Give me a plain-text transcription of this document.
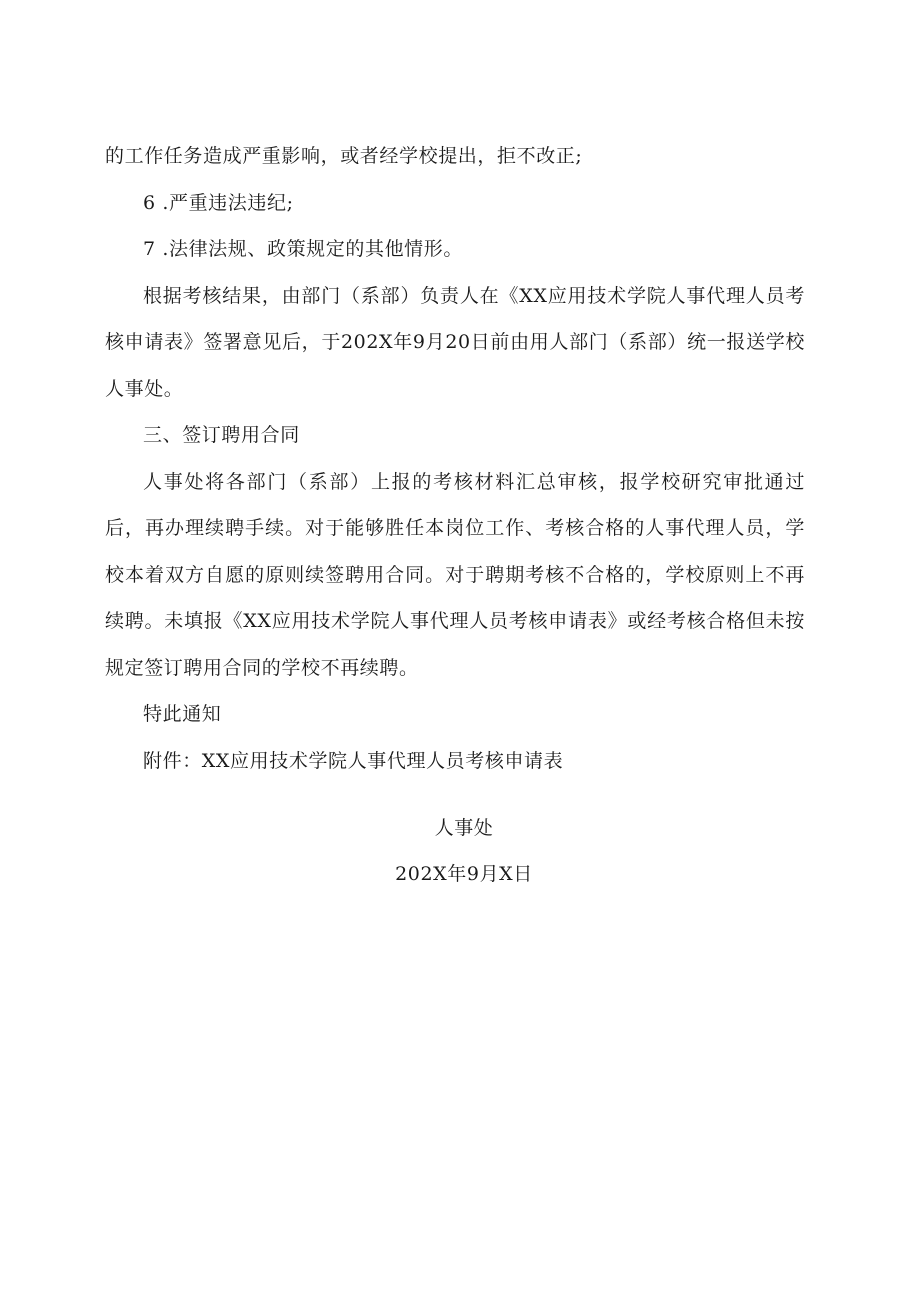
的工作任务造成严重影响，或者经学校提出，拒不改正;

6 .严重违法违纪;

7 .法律法规、政策规定的其他情形。

根据考核结果，由部门（系部）负责人在《XX应用技术学院人事代理人员考核申请表》签署意见后，于202X年9月20日前由用人部门（系部）统一报送学校人事处。

三、签订聘用合同

人事处将各部门（系部）上报的考核材料汇总审核，报学校研究审批通过后，再办理续聘手续。对于能够胜任本岗位工作、考核合格的人事代理人员，学校本着双方自愿的原则续签聘用合同。对于聘期考核不合格的，学校原则上不再续聘。未填报《XX应用技术学院人事代理人员考核申请表》或经考核合格但未按规定签订聘用合同的学校不再续聘。

特此通知

附件：XX应用技术学院人事代理人员考核申请表

人事处
202X年9月X日
